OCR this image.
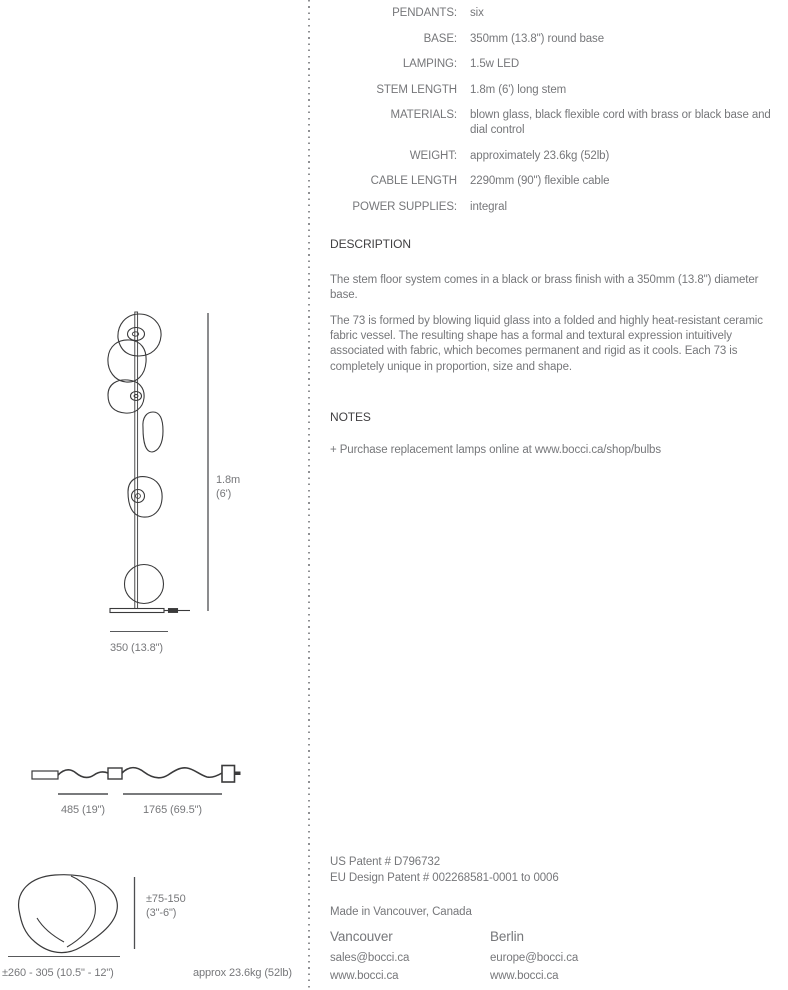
1.8m
(6')
350 (13.8")
485 (19")	1765 (69.5")
±75-150
(3"-6")
±260 - 305 (10.5" - 12")	approx 23.6kg (52lb)
PENDANTS: six
BASE: 350mm (13.8") round base
LAMPING: 1.5w LED
STEM LENGTH 1.8m (6') long stem
MATERIALS: blown glass, black flexible cord with brass or black base and dial control
WEIGHT: approximately 23.6kg (52lb)
CABLE LENGTH 2290mm (90") flexible cable
POWER SUPPLIES: integral
DESCRIPTION

The stem floor system comes in a black or brass finish with a 350mm (13.8") diameter base.

The 73 is formed by blowing liquid glass into a folded and highly heat-resistant ceramic fabric vessel. The resulting shape has a formal and textural expression intuitively associated with fabric, which becomes permanent and rigid as it cools. Each 73 is completely unique in proportion, size and shape.

NOTES

+ Purchase replacement lamps online at www.bocci.ca/shop/bulbs

US Patent # D796732
EU Design Patent # 002268581-0001 to 0006
Made in Vancouver, Canada
Vancouver
sales@bocci.ca
www.bocci.ca
Berlin
europe@bocci.ca
www.bocci.ca
